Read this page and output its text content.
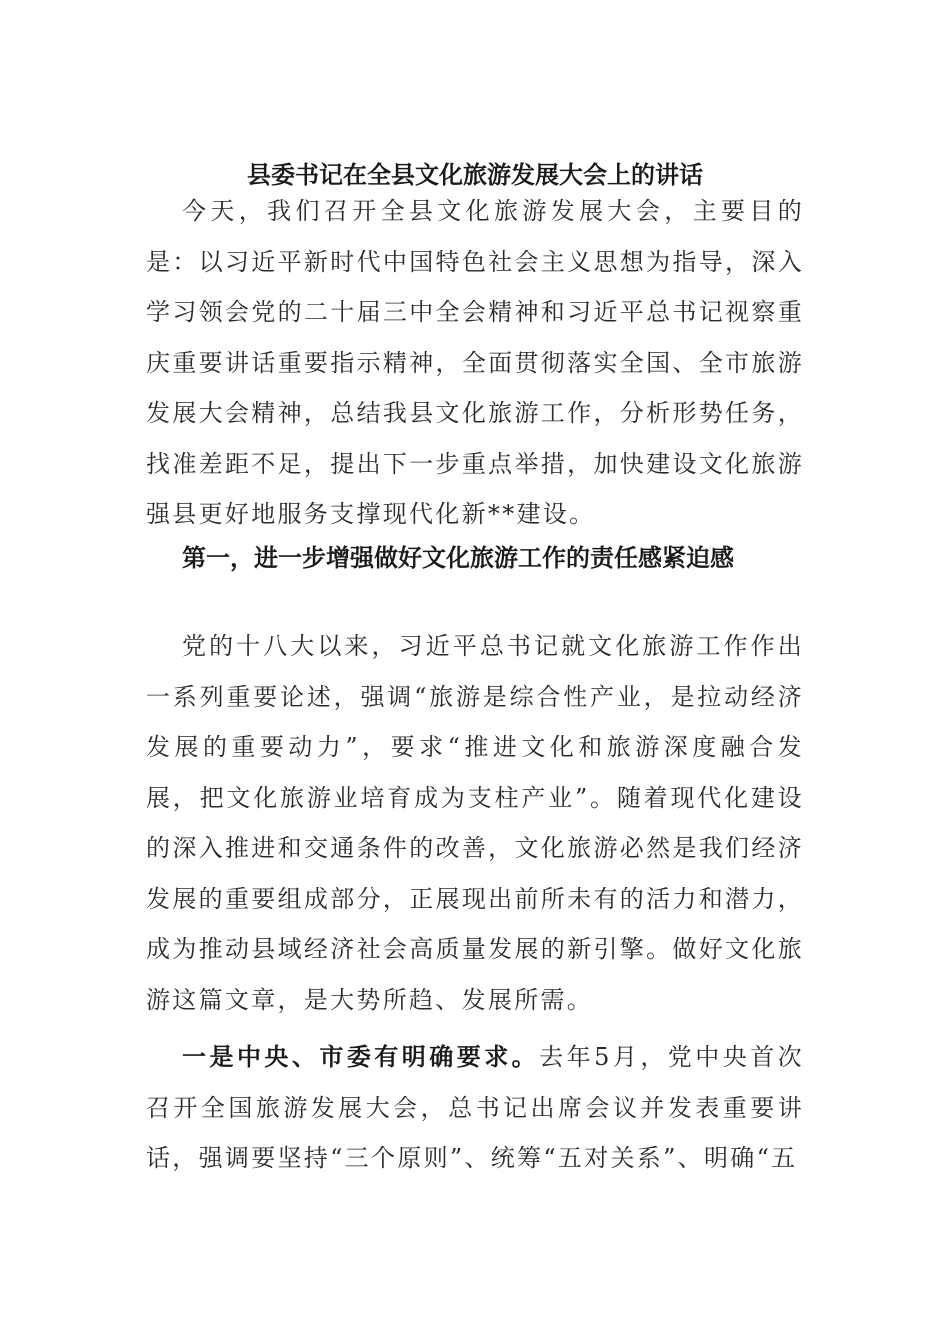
县委书记在全县文化旅游发展大会上的讲话

今天，我们召开全县文化旅游发展大会，主要目的是：以习近平新时代中国特色社会主义思想为指导，深入学习领会党的二十届三中全会精神和习近平总书记视察重庆重要讲话重要指示精神，全面贯彻落实全国、全市旅游发展大会精神，总结我县文化旅游工作，分析形势任务，找准差距不足，提出下一步重点举措，加快建设文化旅游强县更好地服务支撑现代化新**建设。

第一，进一步增强做好文化旅游工作的责任感紧迫感

党的十八大以来，习近平总书记就文化旅游工作作出一系列重要论述，强调“旅游是综合性产业，是拉动经济发展的重要动力”，要求“推进文化和旅游深度融合发展，把文化旅游业培育成为支柱产业”。随着现代化建设的深入推进和交通条件的改善，文化旅游必然是我们经济发展的重要组成部分，正展现出前所未有的活力和潜力，成为推动县域经济社会高质量发展的新引擎。做好文化旅游这篇文章，是大势所趋、发展所需。

一是中央、市委有明确要求。去年5月，党中央首次召开全国旅游发展大会，总书记出席会议并发表重要讲话，强调要坚持“三个原则”、统筹“五对关系”、明确“五
